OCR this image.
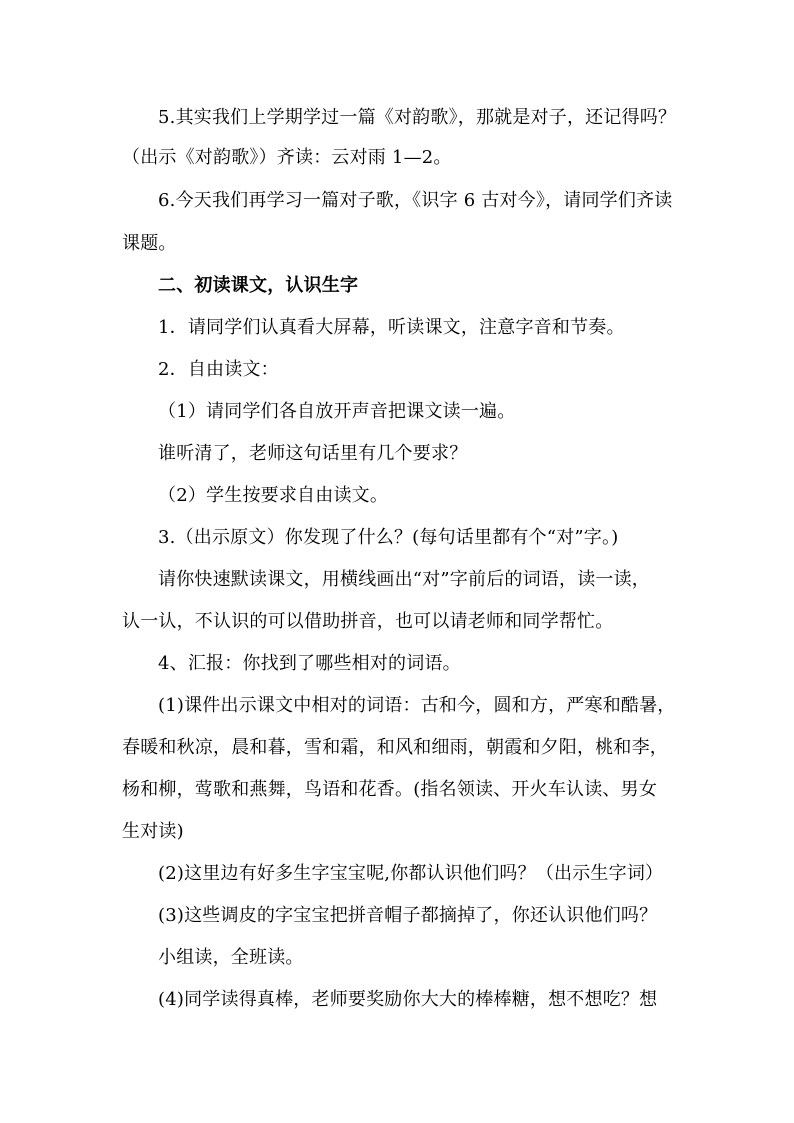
5.其实我们上学期学过一篇《对韵歌》，那就是对子，还记得吗？
（出示《对韵歌》）齐读：云对雨 1—2。
6.今天我们再学习一篇对子歌，《识字 6 古对今》，请同学们齐读
课题。
二、初读课文，认识生字
1．请同学们认真看大屏幕，听读课文，注意字音和节奏。
2．自由读文：
（1）请同学们各自放开声音把课文读一遍。
谁听清了，老师这句话里有几个要求？
（2）学生按要求自由读文。
3.（出示原文）你发现了什么？(每句话里都有个“对”字。)
请你快速默读课文，用横线画出“对”字前后的词语，读一读，
认一认，不认识的可以借助拼音，也可以请老师和同学帮忙。
4、汇报：你找到了哪些相对的词语。
(1)课件出示课文中相对的词语：古和今，圆和方，严寒和酷暑，
春暖和秋凉，晨和暮，雪和霜，和风和细雨，朝霞和夕阳，桃和李，
杨和柳，莺歌和燕舞，鸟语和花香。(指名领读、开火车认读、男女
生对读)
(2)这里边有好多生字宝宝呢,你都认识他们吗？（出示生字词）
(3)这些调皮的字宝宝把拼音帽子都摘掉了，你还认识他们吗？
小组读，全班读。
(4)同学读得真棒，老师要奖励你大大的棒棒糖，想不想吃？想
